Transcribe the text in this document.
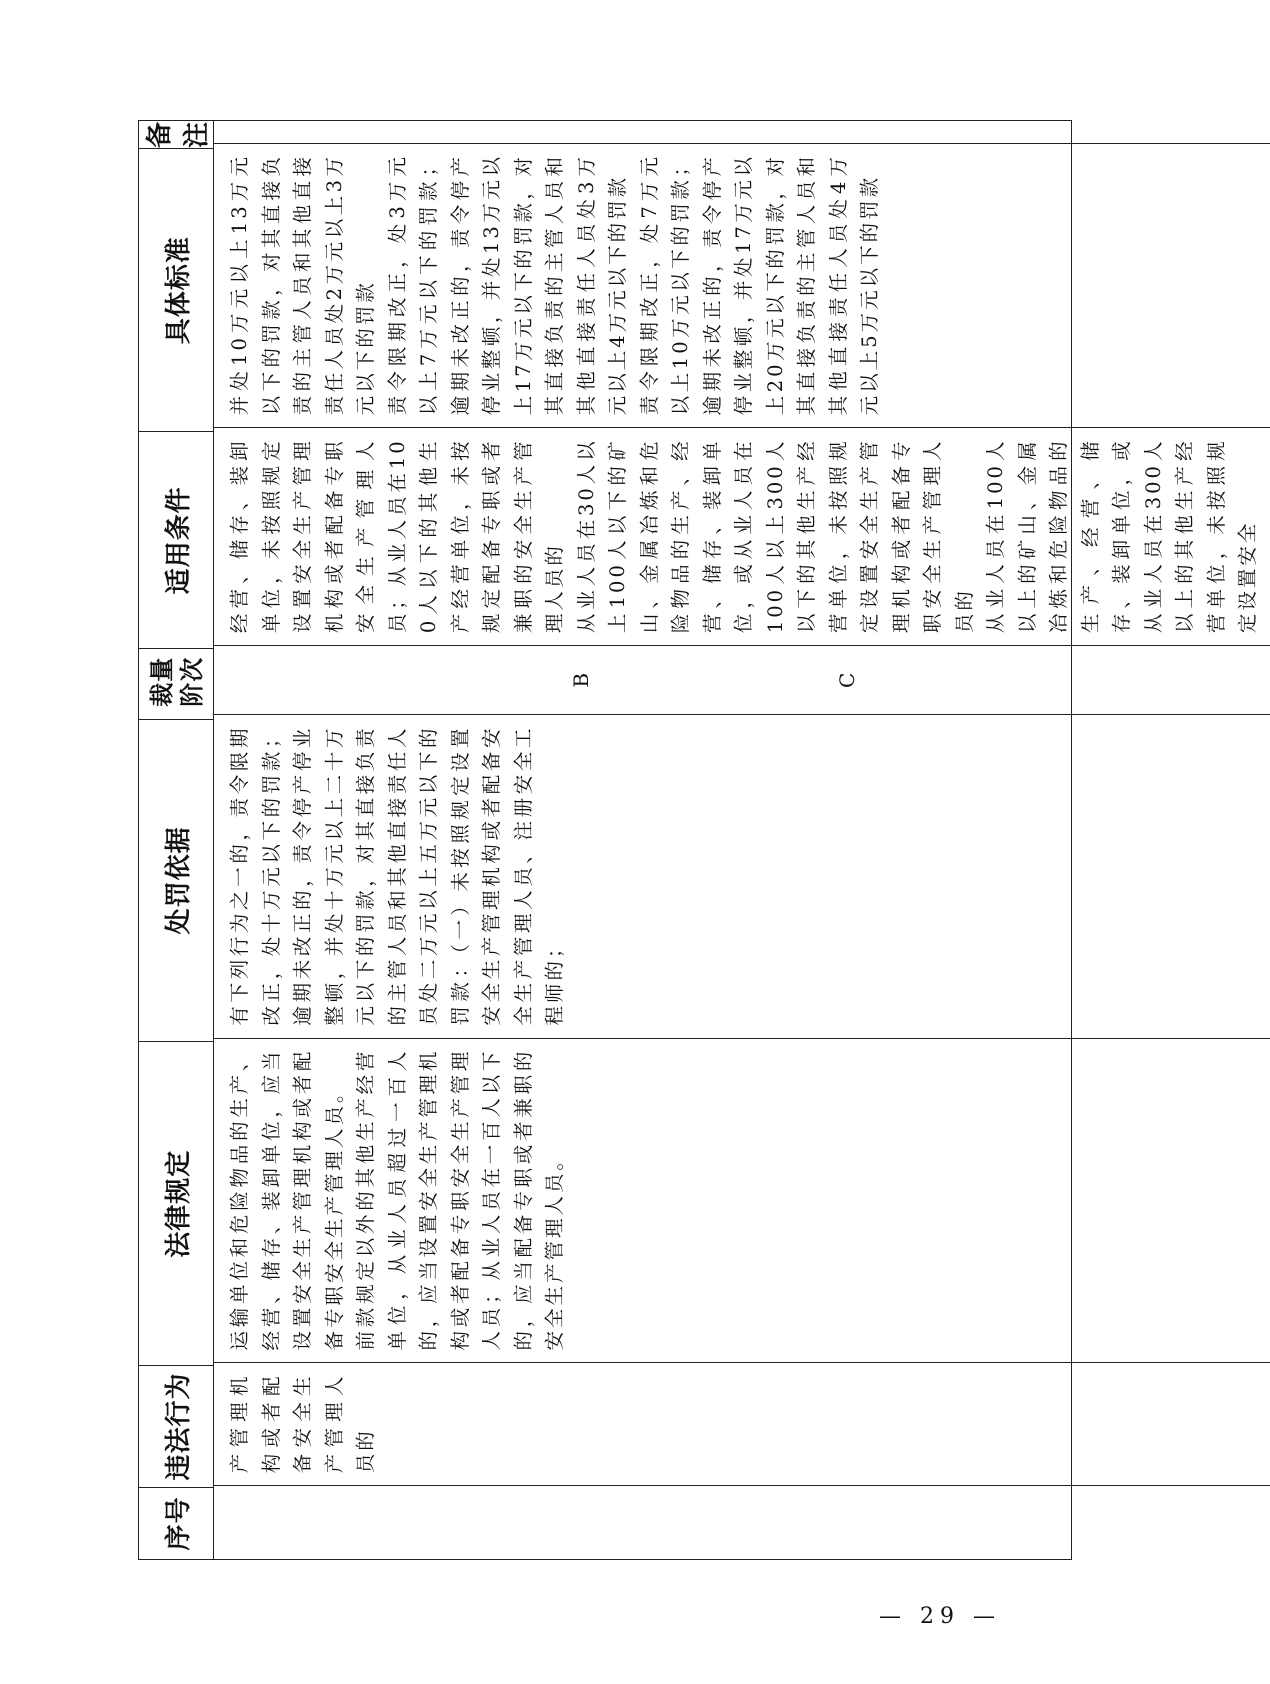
序号
违法行为
法律规定
处罚依据
裁量 阶次
适用条件
具体标准
备注

产管理机构或者配备安全生产管理人员的

运输单位和危险物品的生产、经营、储存、装卸单位，应当设置安全生产管理机构或者配备专职安全生产管理人员。 前款规定以外的其他生产经营单位，从业人员超过一百人的，应当设置安全生产管理机构或者配备专职安全生产管理人员；从业人员在一百人以下的，应当配备专职或者兼职的安全生产管理人员。

有下列行为之一的，责令限期改正，处十万元以下的罚款；逾期未改正的，责令停产停业整顿，并处十万元以上二十万元以下的罚款，对其直接负责的主管人员和其他直接责任人员处二万元以上五万元以下的罚款：（一）未按照规定设置安全生产管理机构或者配备安全生产管理人员、注册安全工程师的；

B	C

经营、储存、装卸单位，未按照规定设置安全生产管理机构或者配备专职安全生产管理人员；从业人员在100人以下的其他生产经营单位，未按规定配备专职或者兼职的安全生产管理人员的 从业人员在30人以上100人以下的矿山、金属冶炼和危险物品的生产、经营、储存、装卸单位，或从业人员在100人以上300人以下的其他生产经营单位，未按照规定设置安全生产管理机构或者配备专职安全生产管理人员的 从业人员在100人以上的矿山、金属冶炼和危险物品的生产、经营、储存、装卸单位，或从业人员在300人以上的其他生产经营单位，未按照规定设置安全

并处10万元以上13万元以下的罚款，对其直接负责的主管人员和其他直接责任人员处2万元以上3万元以下的罚款 责令限期改正，处3万元以上7万元以下的罚款；逾期未改正的，责令停产停业整顿，并处13万元以上17万元以下的罚款，对其直接负责的主管人员和其他直接责任人员处3万元以上4万元以下的罚款 责令限期改正，处7万元以上10万元以下的罚款；逾期未改正的，责令停产停业整顿，并处17万元以上20万元以下的罚款，对其直接负责的主管人员和其他直接责任人员处4万元以上5万元以下的罚款

— 29 —
